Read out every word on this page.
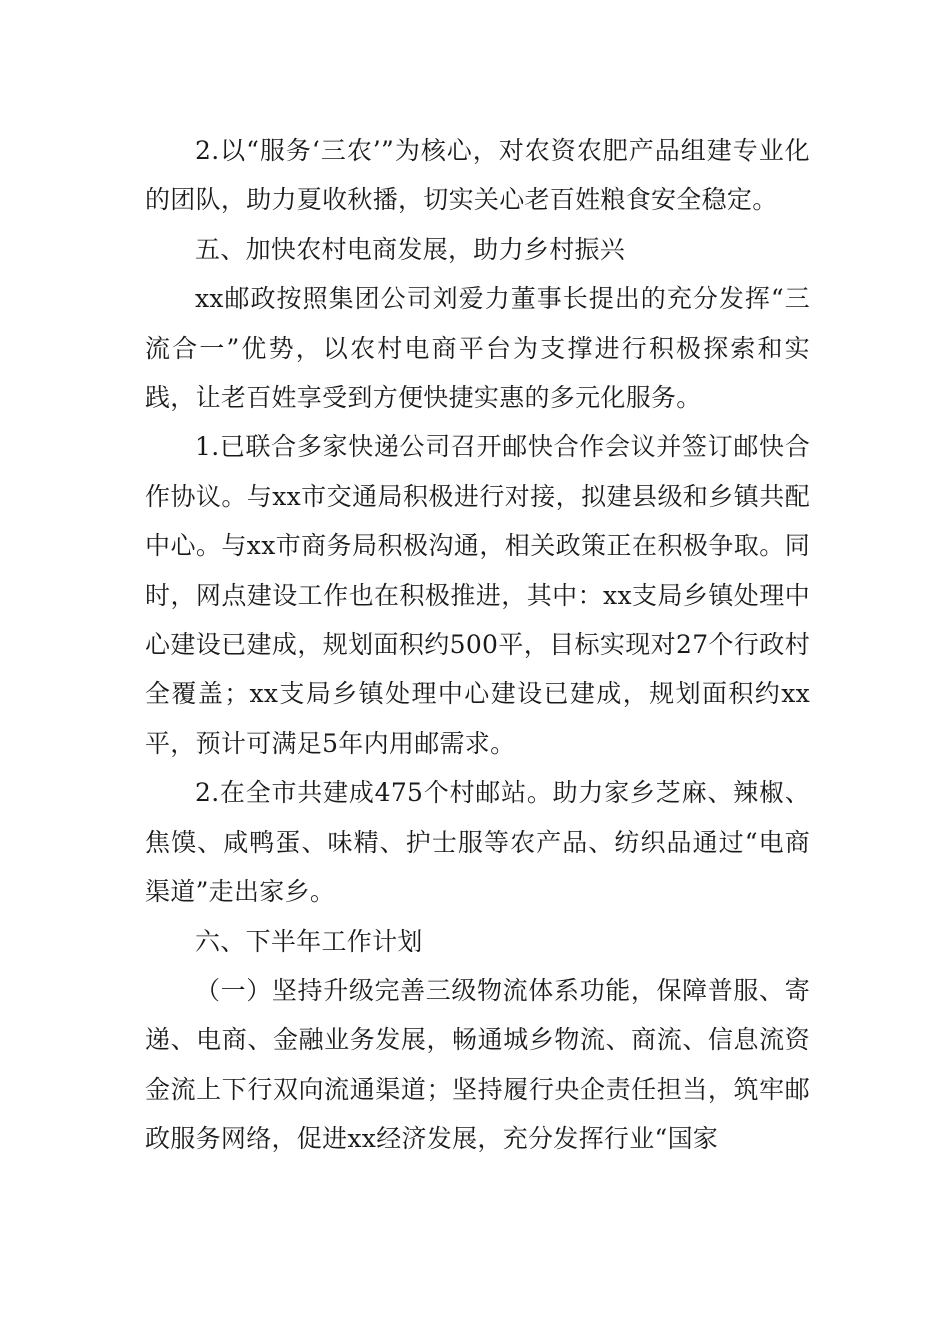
2.以“服务‘三农’”为核心，对农资农肥产品组建专业化的团队，助力夏收秋播，切实关心老百姓粮食安全稳定。

五、加快农村电商发展，助力乡村振兴

xx邮政按照集团公司刘爱力董事长提出的充分发挥“三流合一”优势，以农村电商平台为支撑进行积极探索和实践，让老百姓享受到方便快捷实惠的多元化服务。

1.已联合多家快递公司召开邮快合作会议并签订邮快合作协议。与xx市交通局积极进行对接，拟建县级和乡镇共配中心。与xx市商务局积极沟通，相关政策正在积极争取。同时，网点建设工作也在积极推进，其中：xx支局乡镇处理中心建设已建成，规划面积约500平，目标实现对27个行政村全覆盖；xx支局乡镇处理中心建设已建成，规划面积约xx平，预计可满足5年内用邮需求。

2.在全市共建成475个村邮站。助力家乡芝麻、辣椒、焦馍、咸鸭蛋、味精、护士服等农产品、纺织品通过“电商渠道”走出家乡。

六、下半年工作计划

（一）坚持升级完善三级物流体系功能，保障普服、寄递、电商、金融业务发展，畅通城乡物流、商流、信息流资金流上下行双向流通渠道；坚持履行央企责任担当，筑牢邮政服务网络，促进xx经济发展，充分发挥行业“国家
